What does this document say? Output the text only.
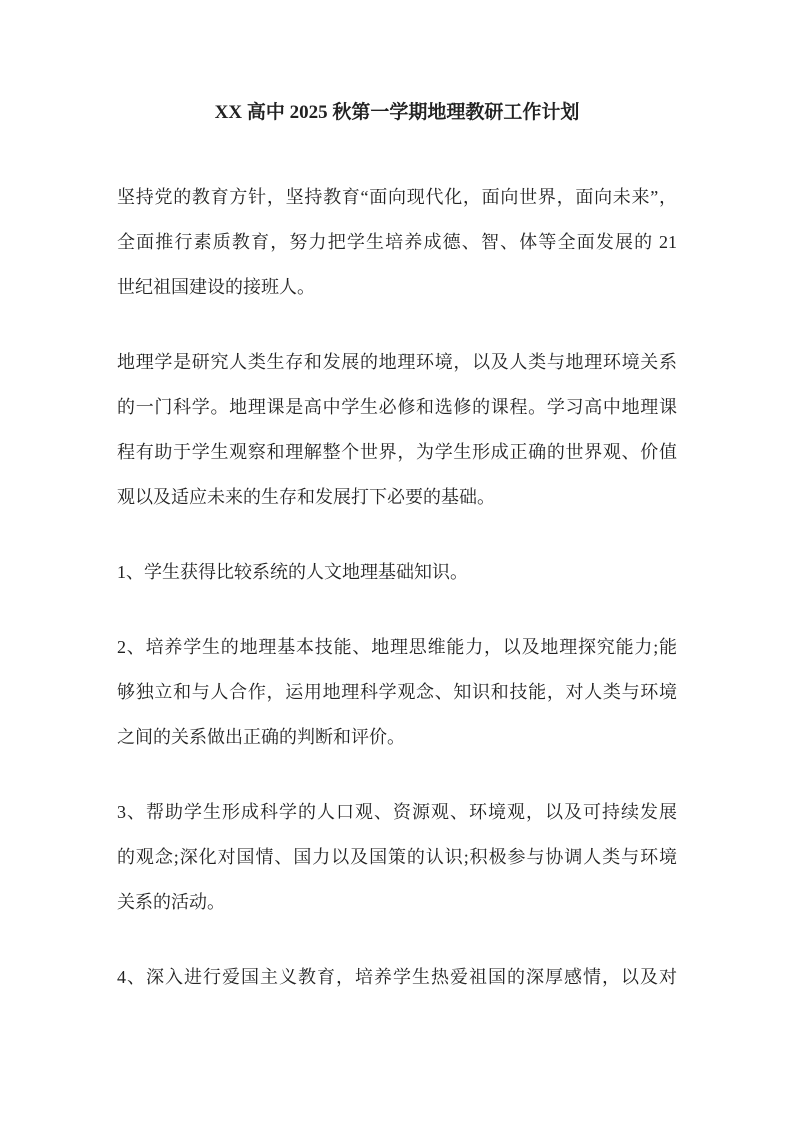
XX 高中 2025 秋第一学期地理教研工作计划

坚持党的教育方针，坚持教育“面向现代化，面向世界，面向未来”，
全面推行素质教育，努力把学生培养成德、智、体等全面发展的 21
世纪祖国建设的接班人。

地理学是研究人类生存和发展的地理环境，以及人类与地理环境关系
的一门科学。地理课是高中学生必修和选修的课程。学习高中地理课
程有助于学生观察和理解整个世界，为学生形成正确的世界观、价值
观以及适应未来的生存和发展打下必要的基础。

1、学生获得比较系统的人文地理基础知识。

2、培养学生的地理基本技能、地理思维能力，以及地理探究能力;能
够独立和与人合作，运用地理科学观念、知识和技能，对人类与环境
之间的关系做出正确的判断和评价。

3、帮助学生形成科学的人口观、资源观、环境观，以及可持续发展
的观念;深化对国情、国力以及国策的认识;积极参与协调人类与环境
关系的活动。

4、深入进行爱国主义教育，培养学生热爱祖国的深厚感情，以及对
